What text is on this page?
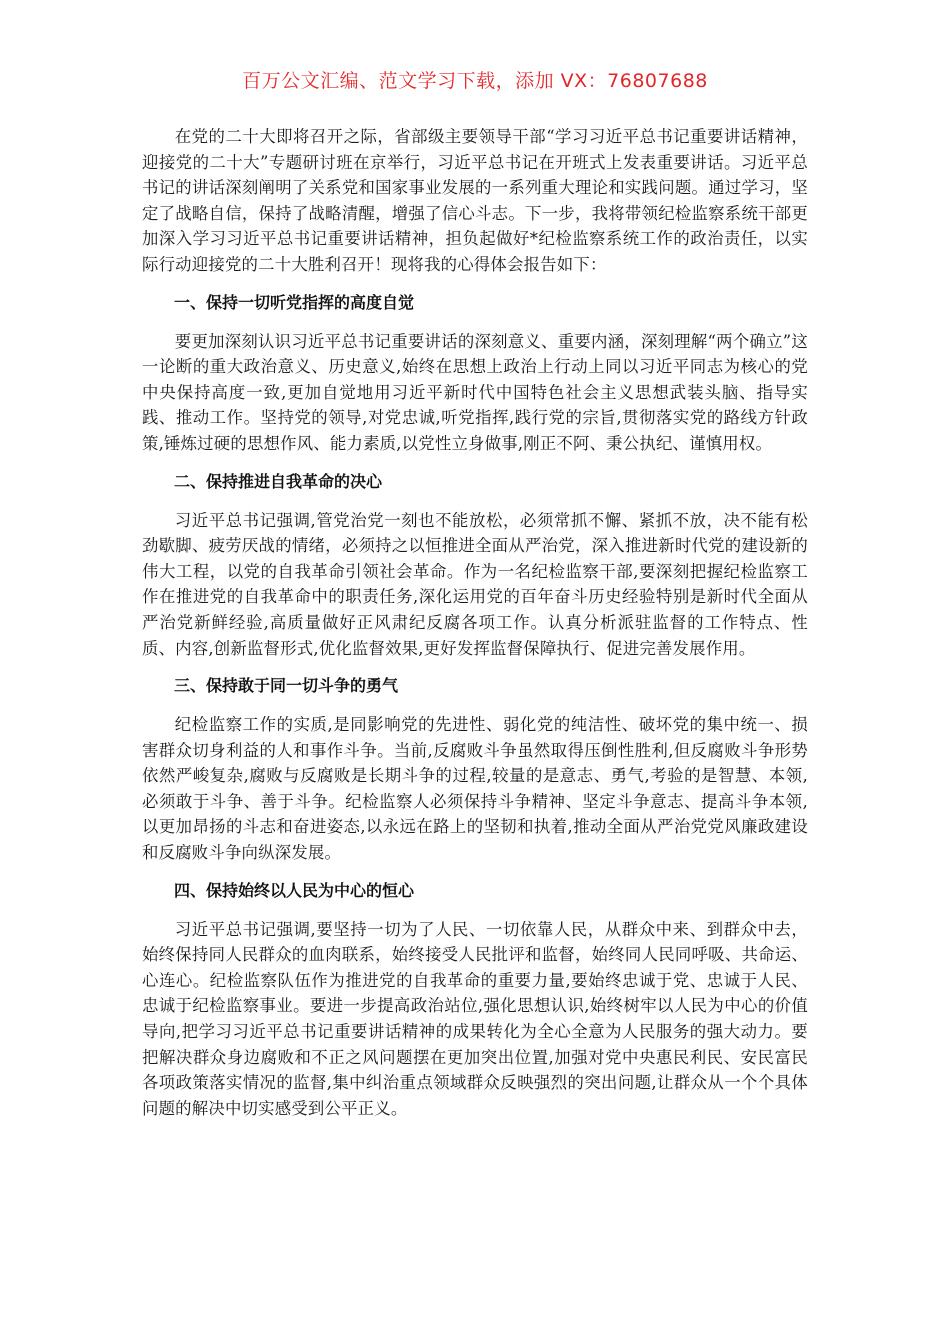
百万公文汇编、范文学习下载，添加 VX：76807688

在党的二十大即将召开之际，省部级主要领导干部“学习习近平总书记重要讲话精神，迎接党的二十大”专题研讨班在京举行，习近平总书记在开班式上发表重要讲话。习近平总书记的讲话深刻阐明了关系党和国家事业发展的一系列重大理论和实践问题。通过学习，坚定了战略自信，保持了战略清醒，增强了信心斗志。下一步，我将带领纪检监察系统干部更加深入学习习近平总书记重要讲话精神，担负起做好*纪检监察系统工作的政治责任，以实际行动迎接党的二十大胜利召开！现将我的心得体会报告如下：

一、保持一切听党指挥的高度自觉

要更加深刻认识习近平总书记重要讲话的深刻意义、重要内涵，深刻理解“两个确立”这一论断的重大政治意义、历史意义,始终在思想上政治上行动上同以习近平同志为核心的党中央保持高度一致,更加自觉地用习近平新时代中国特色社会主义思想武装头脑、指导实践、推动工作。坚持党的领导,对党忠诚,听党指挥,践行党的宗旨,贯彻落实党的路线方针政策,锤炼过硬的思想作风、能力素质,以党性立身做事,刚正不阿、秉公执纪、谨慎用权。

二、保持推进自我革命的决心

习近平总书记强调,管党治党一刻也不能放松，必须常抓不懈、紧抓不放，决不能有松劲歇脚、疲劳厌战的情绪，必须持之以恒推进全面从严治党，深入推进新时代党的建设新的伟大工程，以党的自我革命引领社会革命。作为一名纪检监察干部,要深刻把握纪检监察工作在推进党的自我革命中的职责任务,深化运用党的百年奋斗历史经验特别是新时代全面从严治党新鲜经验,高质量做好正风肃纪反腐各项工作。认真分析派驻监督的工作特点、性质、内容,创新监督形式,优化监督效果,更好发挥监督保障执行、促进完善发展作用。

三、保持敢于同一切斗争的勇气

纪检监察工作的实质,是同影响党的先进性、弱化党的纯洁性、破坏党的集中统一、损害群众切身利益的人和事作斗争。当前,反腐败斗争虽然取得压倒性胜利,但反腐败斗争形势依然严峻复杂,腐败与反腐败是长期斗争的过程,较量的是意志、勇气,考验的是智慧、本领,必须敢于斗争、善于斗争。纪检监察人必须保持斗争精神、坚定斗争意志、提高斗争本领,以更加昂扬的斗志和奋进姿态,以永远在路上的坚韧和执着,推动全面从严治党党风廉政建设和反腐败斗争向纵深发展。

四、保持始终以人民为中心的恒心

习近平总书记强调,要坚持一切为了人民、一切依靠人民，从群众中来、到群众中去，始终保持同人民群众的血肉联系，始终接受人民批评和监督，始终同人民同呼吸、共命运、心连心。纪检监察队伍作为推进党的自我革命的重要力量,要始终忠诚于党、忠诚于人民、忠诚于纪检监察事业。要进一步提高政治站位,强化思想认识,始终树牢以人民为中心的价值导向,把学习习近平总书记重要讲话精神的成果转化为全心全意为人民服务的强大动力。要把解决群众身边腐败和不正之风问题摆在更加突出位置,加强对党中央惠民利民、安民富民各项政策落实情况的监督,集中纠治重点领域群众反映强烈的突出问题,让群众从一个个具体问题的解决中切实感受到公平正义。
